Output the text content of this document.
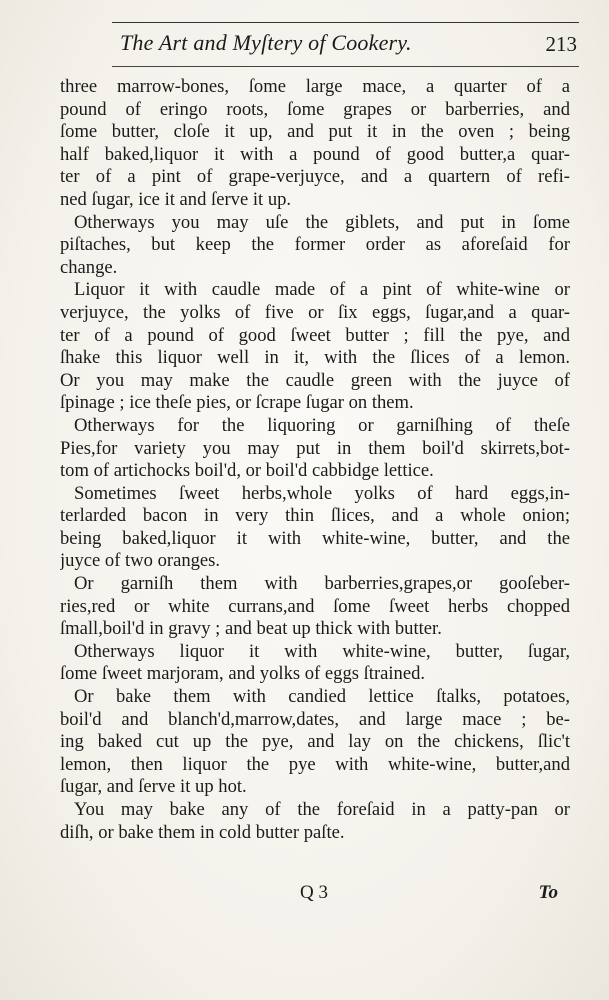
The Art and Myſtery of Cookery.	213
three marrow-bones, ſome large mace, a quarter of a
pound of eringo roots, ſome grapes or barberries, and
ſome butter, cloſe it up, and put it in the oven ; being
half baked,liquor it with a pound of good butter,a quar-
ter of a pint of grape-verjuyce, and a quartern of refi-
ned ſugar, ice it and ſerve it up.
Otherways you may uſe the giblets, and put in ſome
piſtaches, but keep the former order as aforeſaid for
change.
Liquor it with caudle made of a pint of white-wine or
verjuyce, the yolks of five or ſix eggs, ſugar,and a quar-
ter of a pound of good ſweet butter ; fill the pye, and
ſhake this liquor well in it, with the ſlices of a lemon.
Or you may make the caudle green with the juyce of
ſpinage ; ice theſe pies, or ſcrape ſugar on them.
Otherways for the liquoring or garniſhing of theſe
Pies,for variety you may put in them boil'd skirrets,bot-
tom of artichocks boil'd, or boil'd cabbidge lettice.
Sometimes ſweet herbs,whole yolks of hard eggs,in-
terlarded bacon in very thin ſlices, and a whole onion;
being baked,liquor it with white-wine, butter, and the
juyce of two oranges.
Or garniſh them with barberries,grapes,or gooſeber-
ries,red or white currans,and ſome ſweet herbs chopped
ſmall,boil'd in gravy ; and beat up thick with butter.
Otherways liquor it with white-wine, butter, ſugar,
ſome ſweet marjoram, and yolks of eggs ſtrained.
Or bake them with candied lettice ſtalks, potatoes,
boil'd and blanch'd,marrow,dates, and large mace ; be-
ing baked cut up the pye, and lay on the chickens, ſlic't
lemon, then liquor the pye with white-wine, butter,and
ſugar, and ſerve it up hot.
You may bake any of the foreſaid in a patty-pan or
diſh, or bake them in cold butter paſte.
Q 3	To
